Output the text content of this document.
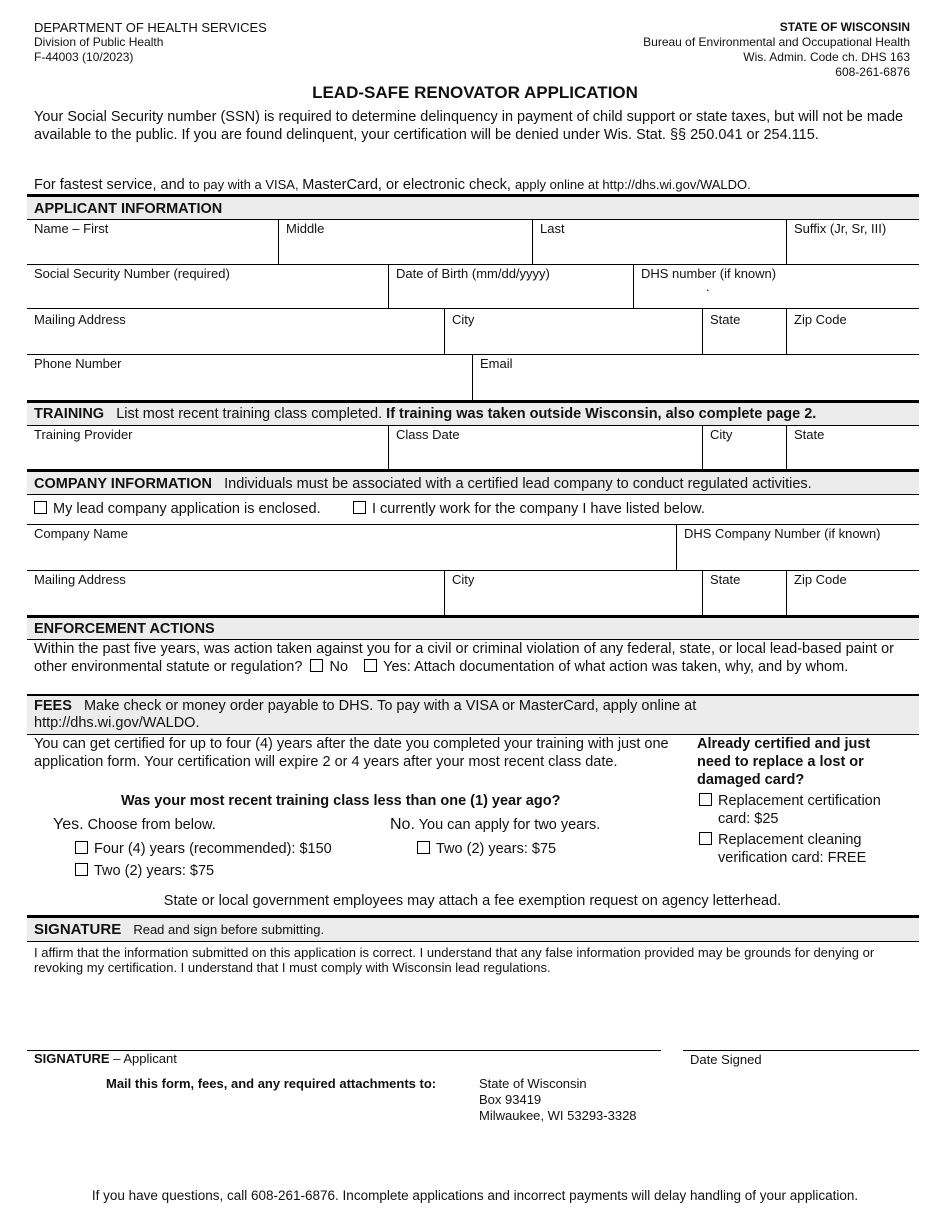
DEPARTMENT OF HEALTH SERVICES
Division of Public Health
F-44003 (10/2023)
STATE OF WISCONSIN
Bureau of Environmental and Occupational Health
Wis. Admin. Code ch. DHS 163
608-261-6876
LEAD-SAFE RENOVATOR APPLICATION
Your Social Security number (SSN) is required to determine delinquency in payment of child support or state taxes, but will not be made available to the public. If you are found delinquent, your certification will be denied under Wis. Stat. §§ 250.041 or 254.115.
For fastest service, and to pay with a VISA, MasterCard, or electronic check, apply online at http://dhs.wi.gov/WALDO.
APPLICANT INFORMATION
Name – First	Middle	Last	Suffix (Jr, Sr, III)
Social Security Number (required)	Date of Birth (mm/dd/yyyy)	DHS number (if known)
.
Mailing Address	City	State	Zip Code
Phone Number	Email
TRAINING List most recent training class completed. If training was taken outside Wisconsin, also complete page 2.
Training Provider	Class Date	City	State
COMPANY INFORMATION Individuals must be associated with a certified lead company to conduct regulated activities.
My lead company application is enclosed.	I currently work for the company I have listed below.
Company Name	DHS Company Number (if known)
Mailing Address	City	State	Zip Code
ENFORCEMENT ACTIONS
Within the past five years, was action taken against you for a civil or criminal violation of any federal, state, or local lead-based paint or other environmental statute or regulation? No Yes: Attach documentation of what action was taken, why, and by whom.
FEES Make check or money order payable to DHS. To pay with a VISA or MasterCard, apply online at http://dhs.wi.gov/WALDO.
You can get certified for up to four (4) years after the date you completed your training with just one application form. Your certification will expire 2 or 4 years after your most recent class date.
Was your most recent training class less than one (1) year ago?
Yes. Choose from below.
Four (4) years (recommended): $150
Two (2) years: $75
No. You can apply for two years.
Two (2) years: $75
Already certified and just need to replace a lost or damaged card?
Replacement certification card: $25
Replacement cleaning verification card: FREE
State or local government employees may attach a fee exemption request on agency letterhead.
SIGNATURE Read and sign before submitting.
I affirm that the information submitted on this application is correct. I understand that any false information provided may be grounds for denying or revoking my certification. I understand that I must comply with Wisconsin lead regulations.
SIGNATURE – Applicant	Date Signed
Mail this form, fees, and any required attachments to:	State of Wisconsin
Box 93419
Milwaukee, WI 53293-3328
If you have questions, call 608-261-6876. Incomplete applications and incorrect payments will delay handling of your application.
